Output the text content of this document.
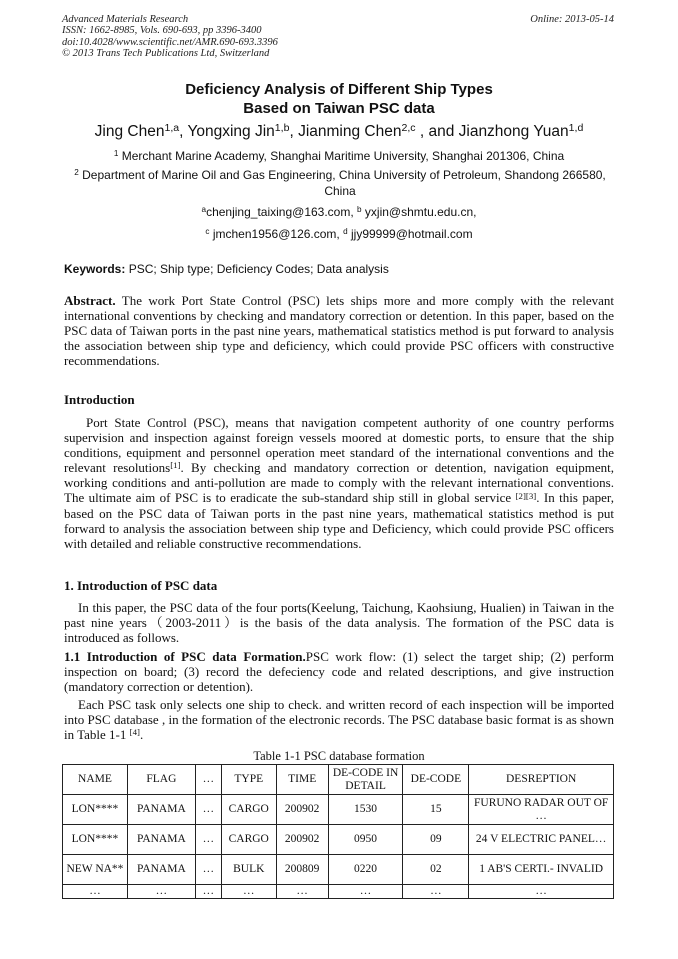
Advanced Materials Research
ISSN: 1662-8985, Vols. 690-693, pp 3396-3400
doi:10.4028/www.scientific.net/AMR.690-693.3396
© 2013 Trans Tech Publications Ltd, Switzerland
Online: 2013-05-14
Deficiency Analysis of Different Ship Types
Based on Taiwan PSC data
Jing Chen$^{1,a}$, Yongxing Jin$^{1,b}$, Jianming Chen$^{2,c}$ , and Jianzhong Yuan$^{1,d}$
$^1$ Merchant Marine Academy, Shanghai Maritime University, Shanghai 201306, China
$^2$ Department of Marine Oil and Gas Engineering, China University of Petroleum, Shandong 266580, China
$^a$chenjing_taixing@163.com, $^b$ yxjin@shmtu.edu.cn,
$^c$ jmchen1956@126.com, $^d$ jjy99999@hotmail.com
Keywords: PSC; Ship type; Deficiency Codes; Data analysis
Abstract. The work Port State Control (PSC) lets ships more and more comply with the relevant international conventions by checking and mandatory correction or detention. In this paper, based on the PSC data of Taiwan ports in the past nine years, mathematical statistics method is put forward to analysis the association between ship type and deficiency, which could provide PSC officers with constructive recommendations.
Introduction
Port State Control (PSC), means that navigation competent authority of one country performs supervision and inspection against foreign vessels moored at domestic ports, to ensure that the ship conditions, equipment and personnel operation meet standard of the international conventions and the relevant resolutions[1]. By checking and mandatory correction or detention, navigation equipment, working conditions and anti-pollution are made to comply with the relevant international conventions. The ultimate aim of PSC is to eradicate the sub-standard ship still in global service [2][3]. In this paper, based on the PSC data of Taiwan ports in the past nine years, mathematical statistics method is put forward to analysis the association between ship type and Deficiency, which could provide PSC officers with detailed and reliable constructive recommendations.
1. Introduction of PSC data
In this paper, the PSC data of the four ports(Keelung, Taichung, Kaohsiung, Hualien) in Taiwan in the past nine years（2003-2011）is the basis of the data analysis. The formation of the PSC data is introduced as follows.
1.1 Introduction of PSC data Formation.PSC work flow: (1) select the target ship; (2) perform inspection on board; (3) record the defeciency code and related descriptions, and give instruction (mandatory correction or detention).
Each PSC task only selects one ship to check. and written record of each inspection will be imported into PSC database , in the formation of the electronic records. The PSC database basic format is as shown in Table 1-1 [4].
Table 1-1 PSC database formation
NAME	FLAG	…	TYPE	TIME	DE-CODE IN DETAIL	DE-CODE	DESREPTION
LON****	PANAMA	…	CARGO	200902	1530	15	FURUNO RADAR OUT OF …
LON****	PANAMA	…	CARGO	200902	0950	09	24 V ELECTRIC PANEL…
NEW NA**	PANAMA	…	BULK	200809	0220	02	1 AB'S CERTI.- INVALID
…	…	…	…	…	…	…	…
